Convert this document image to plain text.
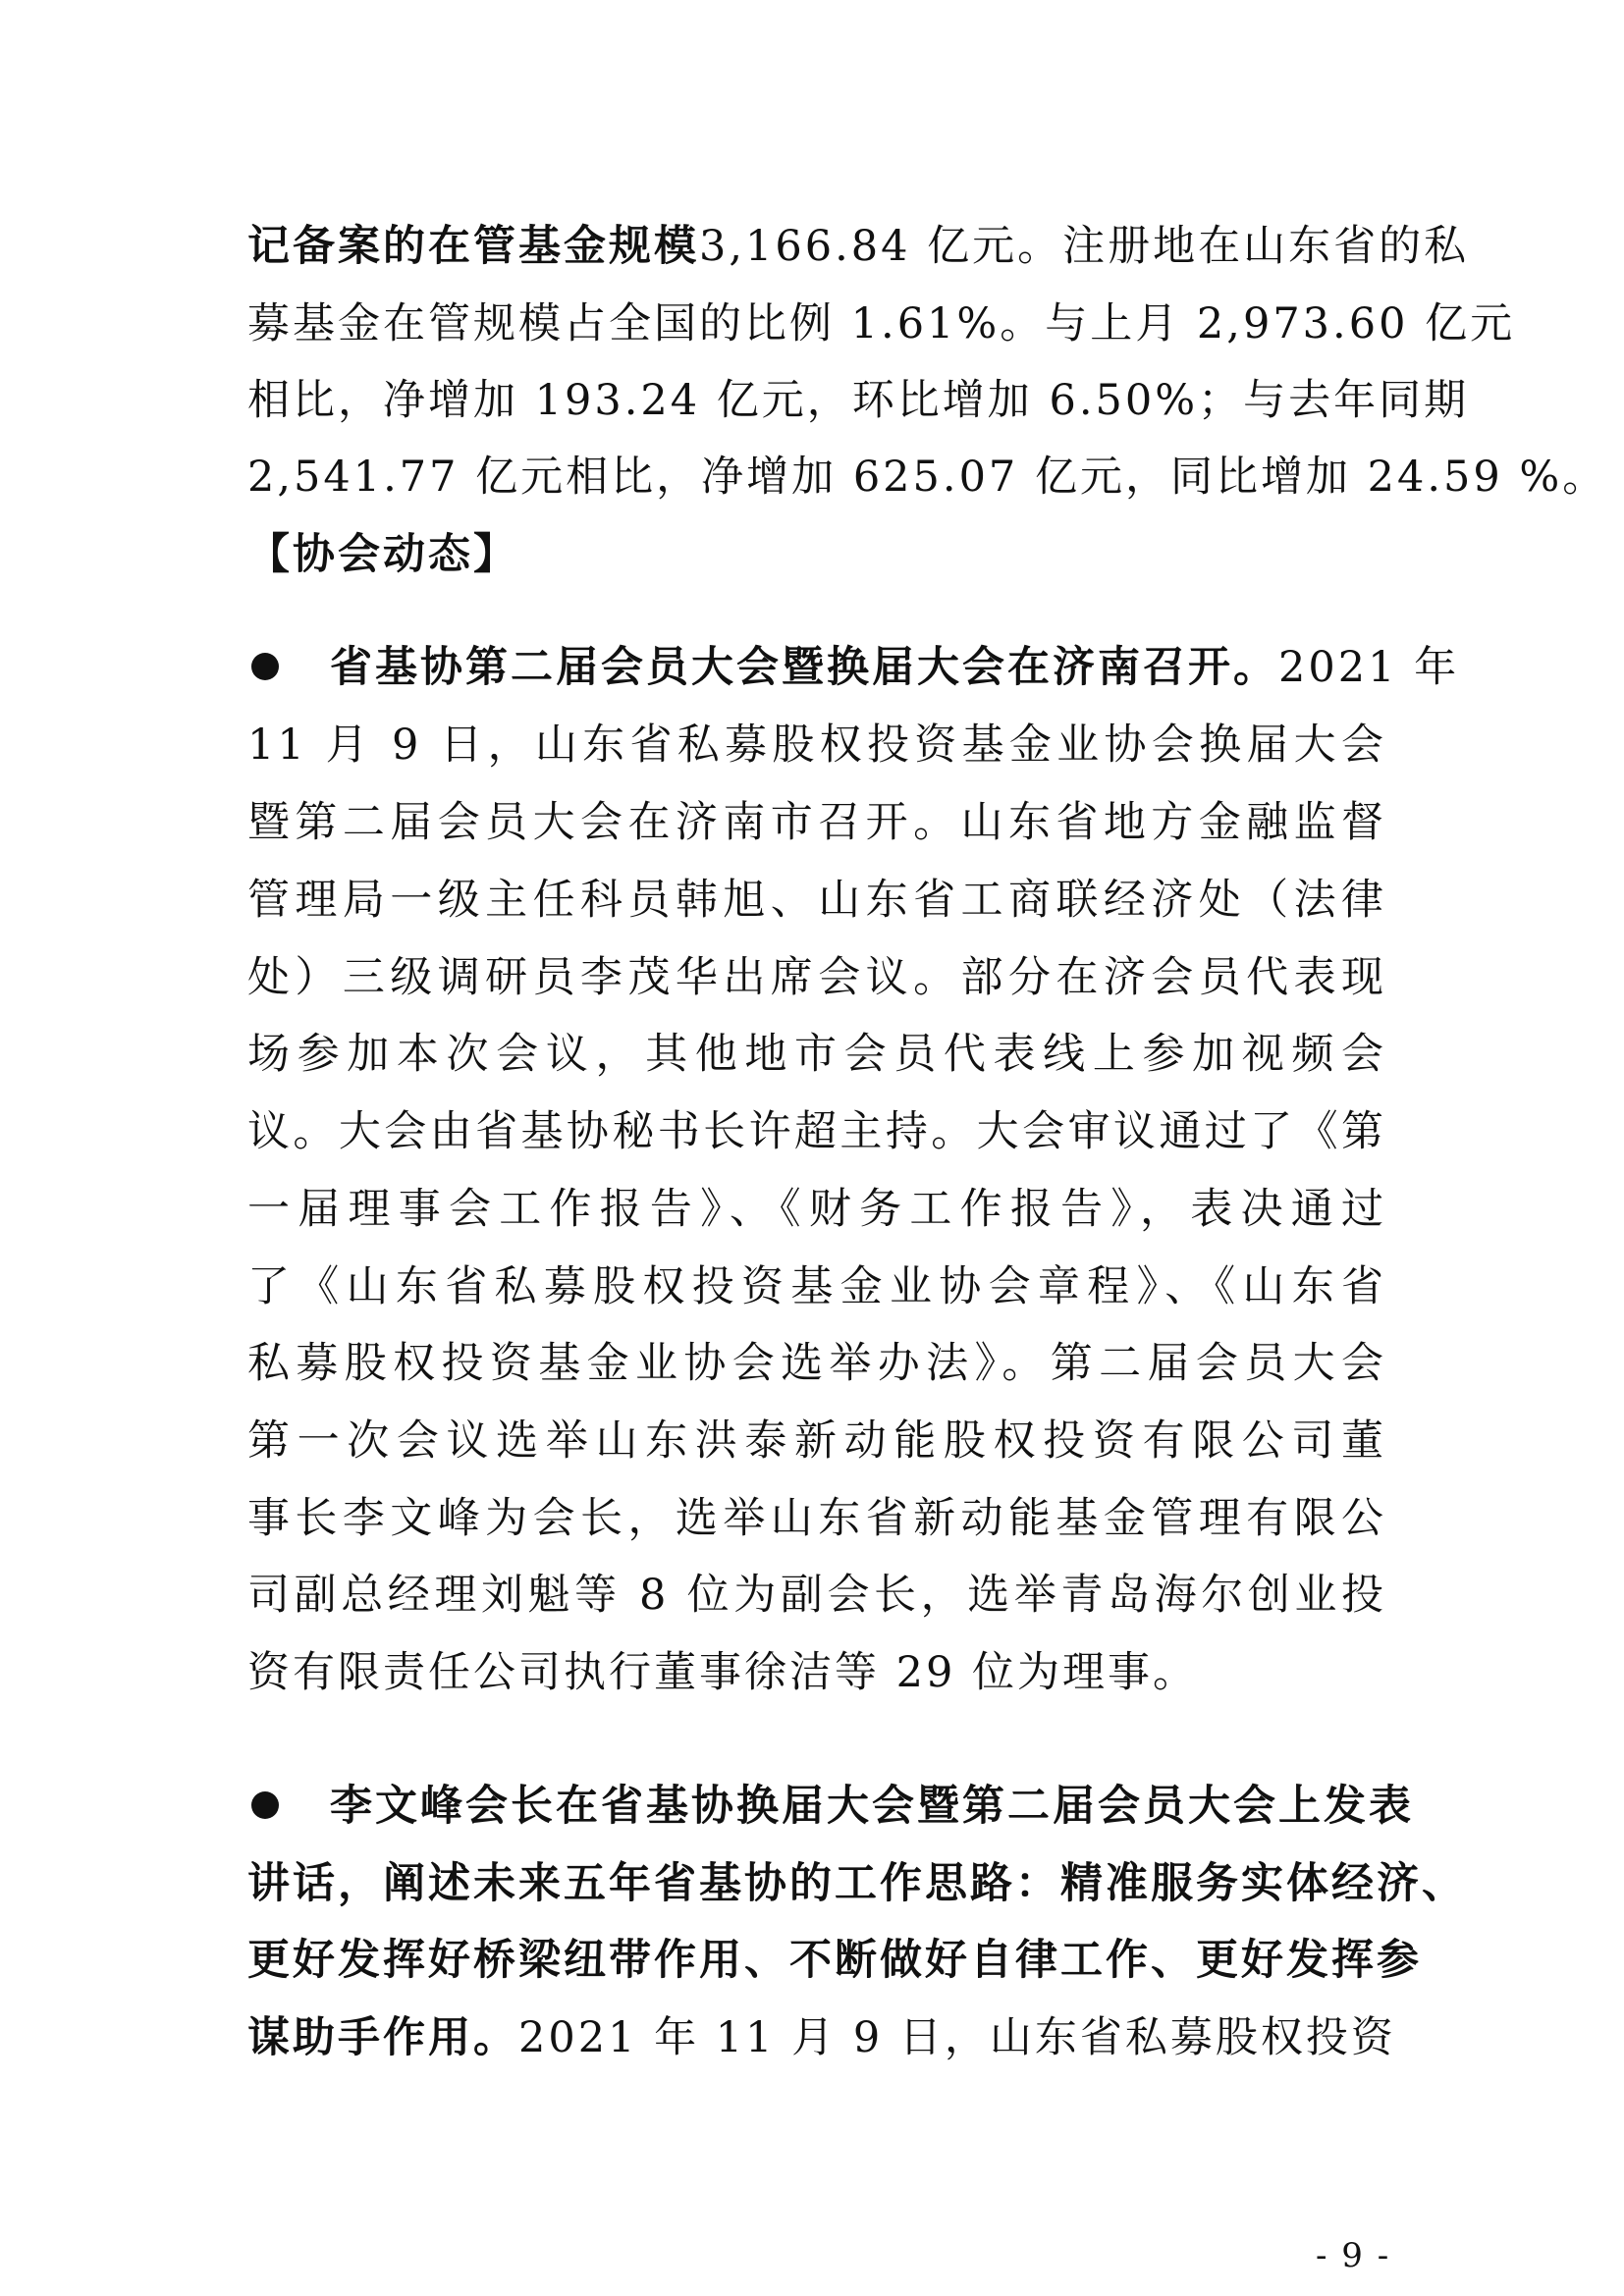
记备案的在管基金规模3,166.84 亿元。注册地在山东省的私
募基金在管规模占全国的比例 1.61%。与上月 2,973.60 亿元
相比，净增加 193.24 亿元，环比增加 6.50%；与去年同期
2,541.77 亿元相比，净增加 625.07 亿元，同比增加 24.59 %。
【协会动态】
省基协第二届会员大会暨换届大会在济南召开。2021 年
11 月 9 日，山东省私募股权投资基金业协会换届大会
暨第二届会员大会在济南市召开。山东省地方金融监督
管理局一级主任科员韩旭、山东省工商联经济处（法律
处）三级调研员李茂华出席会议。部分在济会员代表现
场参加本次会议，其他地市会员代表线上参加视频会
议。大会由省基协秘书长许超主持。大会审议通过了《第
一届理事会工作报告》、《财务工作报告》，表决通过
了《山东省私募股权投资基金业协会章程》、《山东省
私募股权投资基金业协会选举办法》。第二届会员大会
第一次会议选举山东洪泰新动能股权投资有限公司董
事长李文峰为会长，选举山东省新动能基金管理有限公
司副总经理刘魁等 8 位为副会长，选举青岛海尔创业投
资有限责任公司执行董事徐洁等 29 位为理事。
李文峰会长在省基协换届大会暨第二届会员大会上发表
讲话，阐述未来五年省基协的工作思路：精准服务实体经济、
更好发挥好桥梁纽带作用、不断做好自律工作、更好发挥参
谋助手作用。2021 年 11 月 9 日，山东省私募股权投资
- 9 -
